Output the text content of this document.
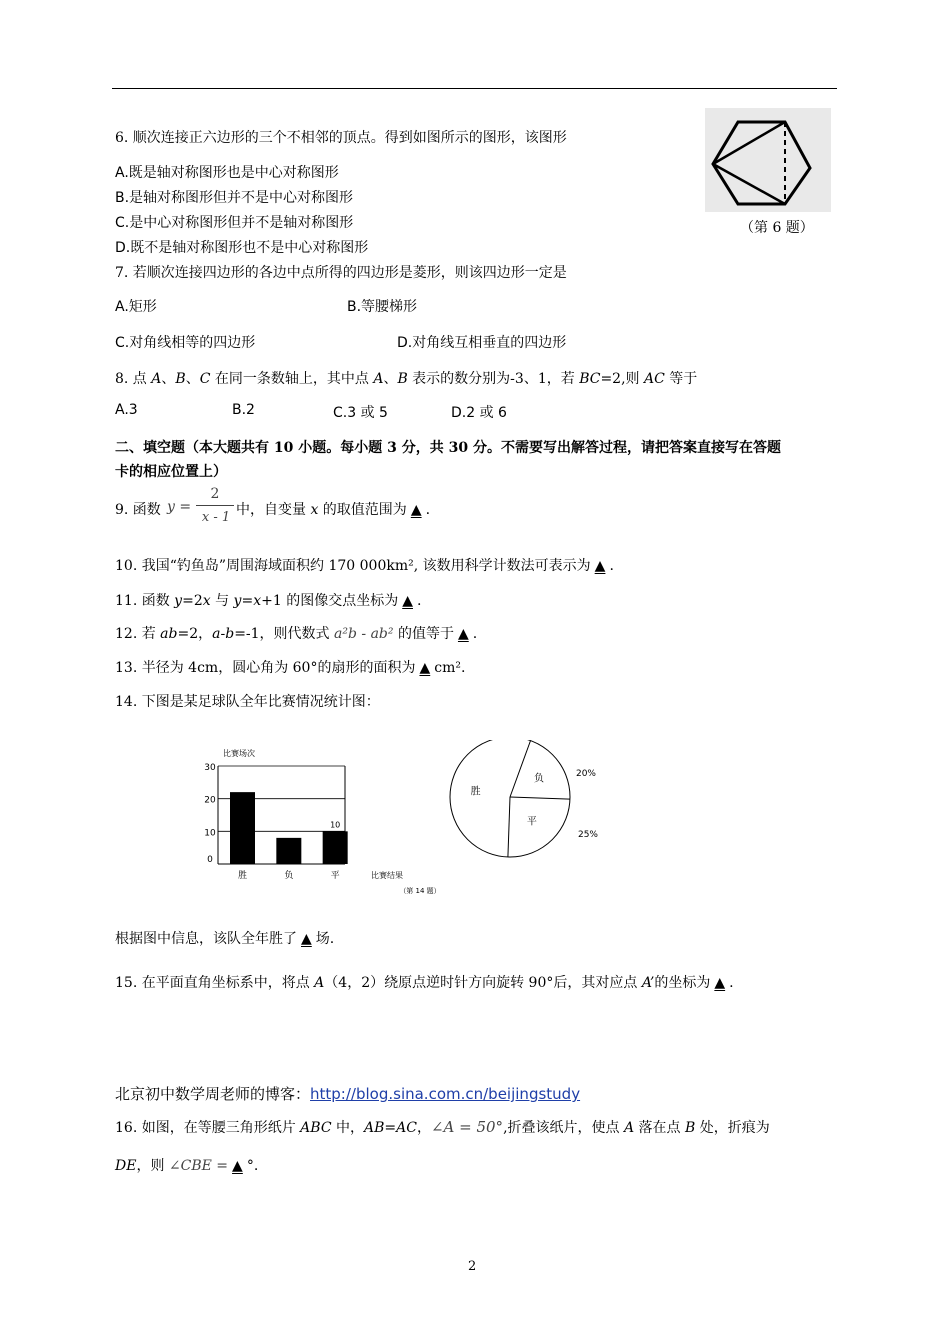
6. 顺次连接正六边形的三个不相邻的顶点。得到如图所示的图形，该图形
A.既是轴对称图形也是中心对称图形
B.是轴对称图形但并不是中心对称图形
C.是中心对称图形但并不是轴对称图形
D.既不是轴对称图形也不是中心对称图形
（第 6 题）
7. 若顺次连接四边形的各边中点所得的四边形是菱形，则该四边形一定是
A.矩形	B.等腰梯形
C.对角线相等的四边形	D.对角线互相垂直的四边形
8. 点 A、B、C 在同一条数轴上，其中点 A、B 表示的数分别为-3、1，若 BC=2,则 AC 等于
A.3	B.2	C.3 或 5	D.2 或 6
二、填空题（本大题共有 10 小题。每小题 3 分，共 30 分。不需要写出解答过程，请把答案直接写在答题
卡的相应位置上）
9. 函数 y =
2
x - 1 中，自变量 x 的取值范围为 ▲ .
10. 我国“钓鱼岛”周围海域面积约 170 000km², 该数用科学计数法可表示为 ▲ .
11. 函数 y=2x 与 y=x+1 的图像交点坐标为 ▲ .
12. 若 ab=2，a-b=-1，则代数式 a²b - ab² 的值等于 ▲ .
13. 半径为 4cm，圆心角为 60°的扇形的面积为 ▲ cm².
14. 下图是某足球队全年比赛情况统计图：
比赛场次
0
10
20
30
胜	负	平
10
比赛结果
（第 14 题）
胜
负
平
20%
25%
根据图中信息，该队全年胜了 ▲ 场.
15. 在平面直角坐标系中，将点 A（4，2）绕原点逆时针方向旋转 90°后，其对应点 A’的坐标为 ▲ .
北京初中数学周老师的博客：http://blog.sina.com.cn/beijingstudy
16. 如图，在等腰三角形纸片 ABC 中，AB=AC，∠A = 50°,折叠该纸片，使点 A 落在点 B 处，折痕为
DE，则 ∠CBE = ▲ °.
2
